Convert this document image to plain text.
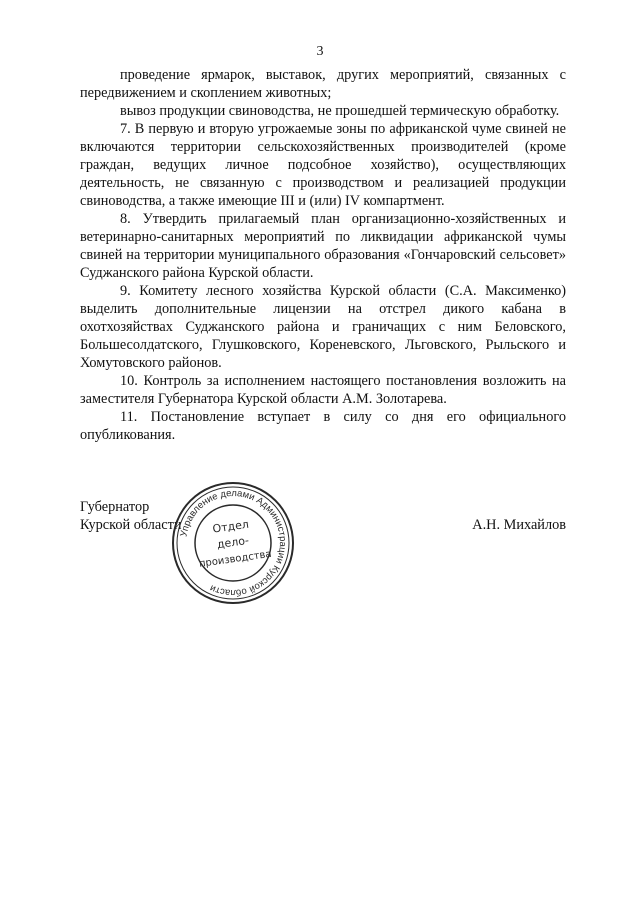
3

проведение ярмарок, выставок, других мероприятий, связанных с передвижением и скоплением животных;

вывоз продукции свиноводства, не прошедшей термическую обработку.

7. В первую и вторую угрожаемые зоны по африканской чуме свиней не включаются территории сельскохозяйственных производителей (кроме граждан, ведущих личное подсобное хозяйство), осуществляющих деятельность, не связанную с производством и реализацией продукции свиноводства, а также имеющие III и (или) IV компартмент.

8. Утвердить прилагаемый план организационно-хозяйственных и ветеринарно-санитарных мероприятий по ликвидации африканской чумы свиней на территории муниципального образования «Гончаровский сельсовет» Суджанского района Курской области.

9. Комитету лесного хозяйства Курской области (С.А. Максименко) выделить дополнительные лицензии на отстрел дикого кабана в охотхозяйствах Суджанского района и граничащих с ним Беловского, Большесолдатского, Глушковского, Кореневского, Льговского, Рыльского и Хомутовского районов.

10. Контроль за исполнением настоящего постановления возложить на заместителя Губернатора Курской области А.М. Золотарева.

11. Постановление вступает в силу со дня его официального опубликования.

Губернатор
Курской области	А.Н. Михайлов
Управление делами Администрации Курской области
Отдел
дело-
производства
